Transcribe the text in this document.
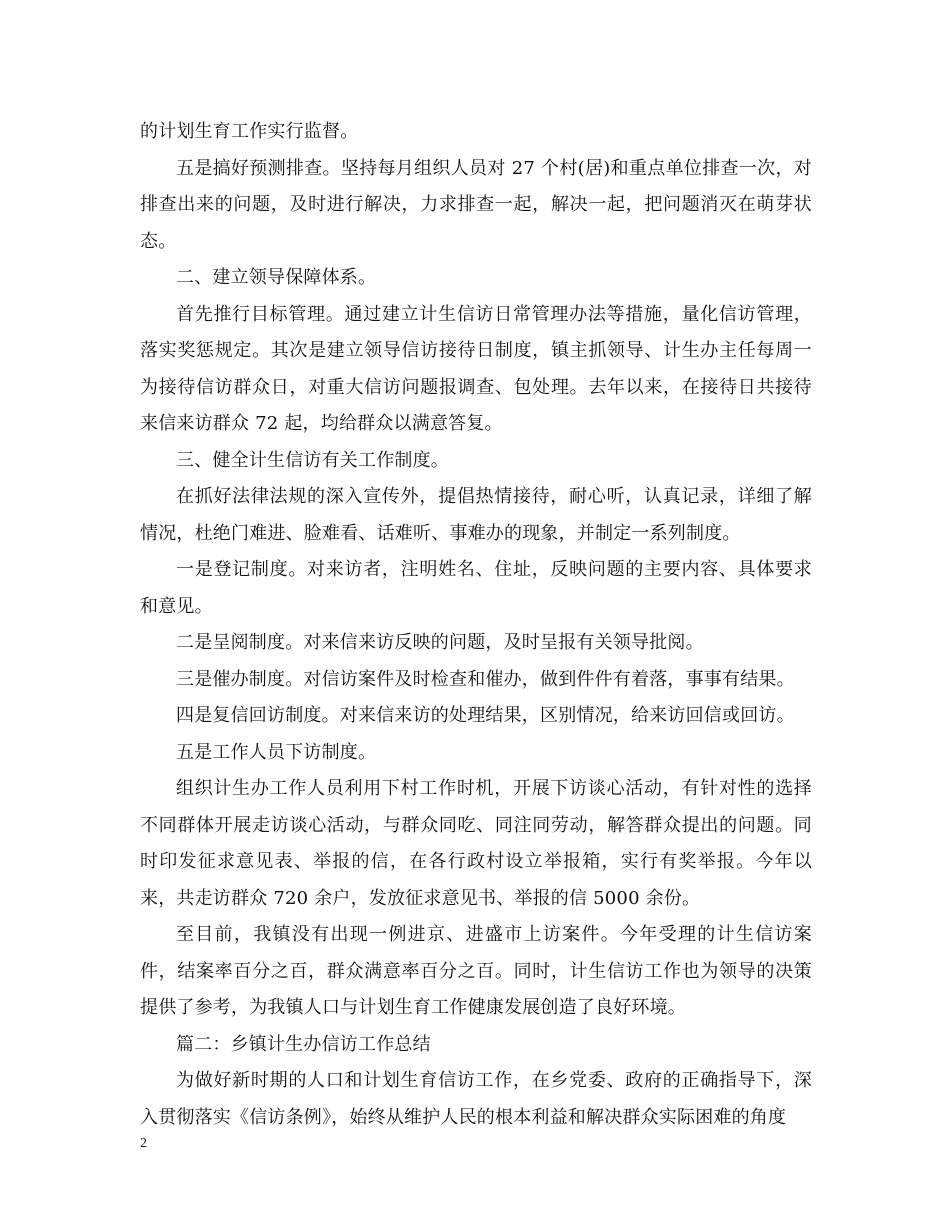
的计划生育工作实行监督。

五是搞好预测排查。坚持每月组织人员对 27 个村(居)和重点单位排查一次，对排查出来的问题，及时进行解决，力求排查一起，解决一起，把问题消灭在萌芽状态。

二、建立领导保障体系。

首先推行目标管理。通过建立计生信访日常管理办法等措施，量化信访管理，落实奖惩规定。其次是建立领导信访接待日制度，镇主抓领导、计生办主任每周一为接待信访群众日，对重大信访问题报调查、包处理。去年以来，在接待日共接待来信来访群众 72 起，均给群众以满意答复。

三、健全计生信访有关工作制度。

在抓好法律法规的深入宣传外，提倡热情接待，耐心听，认真记录，详细了解情况，杜绝门难进、脸难看、话难听、事难办的现象，并制定一系列制度。

一是登记制度。对来访者，注明姓名、住址，反映问题的主要内容、具体要求和意见。

二是呈阅制度。对来信来访反映的问题，及时呈报有关领导批阅。

三是催办制度。对信访案件及时检查和催办，做到件件有着落，事事有结果。

四是复信回访制度。对来信来访的处理结果，区别情况，给来访回信或回访。

五是工作人员下访制度。

组织计生办工作人员利用下村工作时机，开展下访谈心活动，有针对性的选择不同群体开展走访谈心活动，与群众同吃、同注同劳动，解答群众提出的问题。同时印发征求意见表、举报的信，在各行政村设立举报箱，实行有奖举报。今年以来，共走访群众 720 余户，发放征求意见书、举报的信 5000 余份。

至目前，我镇没有出现一例进京、进盛市上访案件。今年受理的计生信访案件，结案率百分之百，群众满意率百分之百。同时，计生信访工作也为领导的决策提供了参考，为我镇人口与计划生育工作健康发展创造了良好环境。

篇二：乡镇计生办信访工作总结

为做好新时期的人口和计划生育信访工作，在乡党委、政府的正确指导下，深入贯彻落实《信访条例》，始终从维护人民的根本利益和解决群众实际困难的角度

2
